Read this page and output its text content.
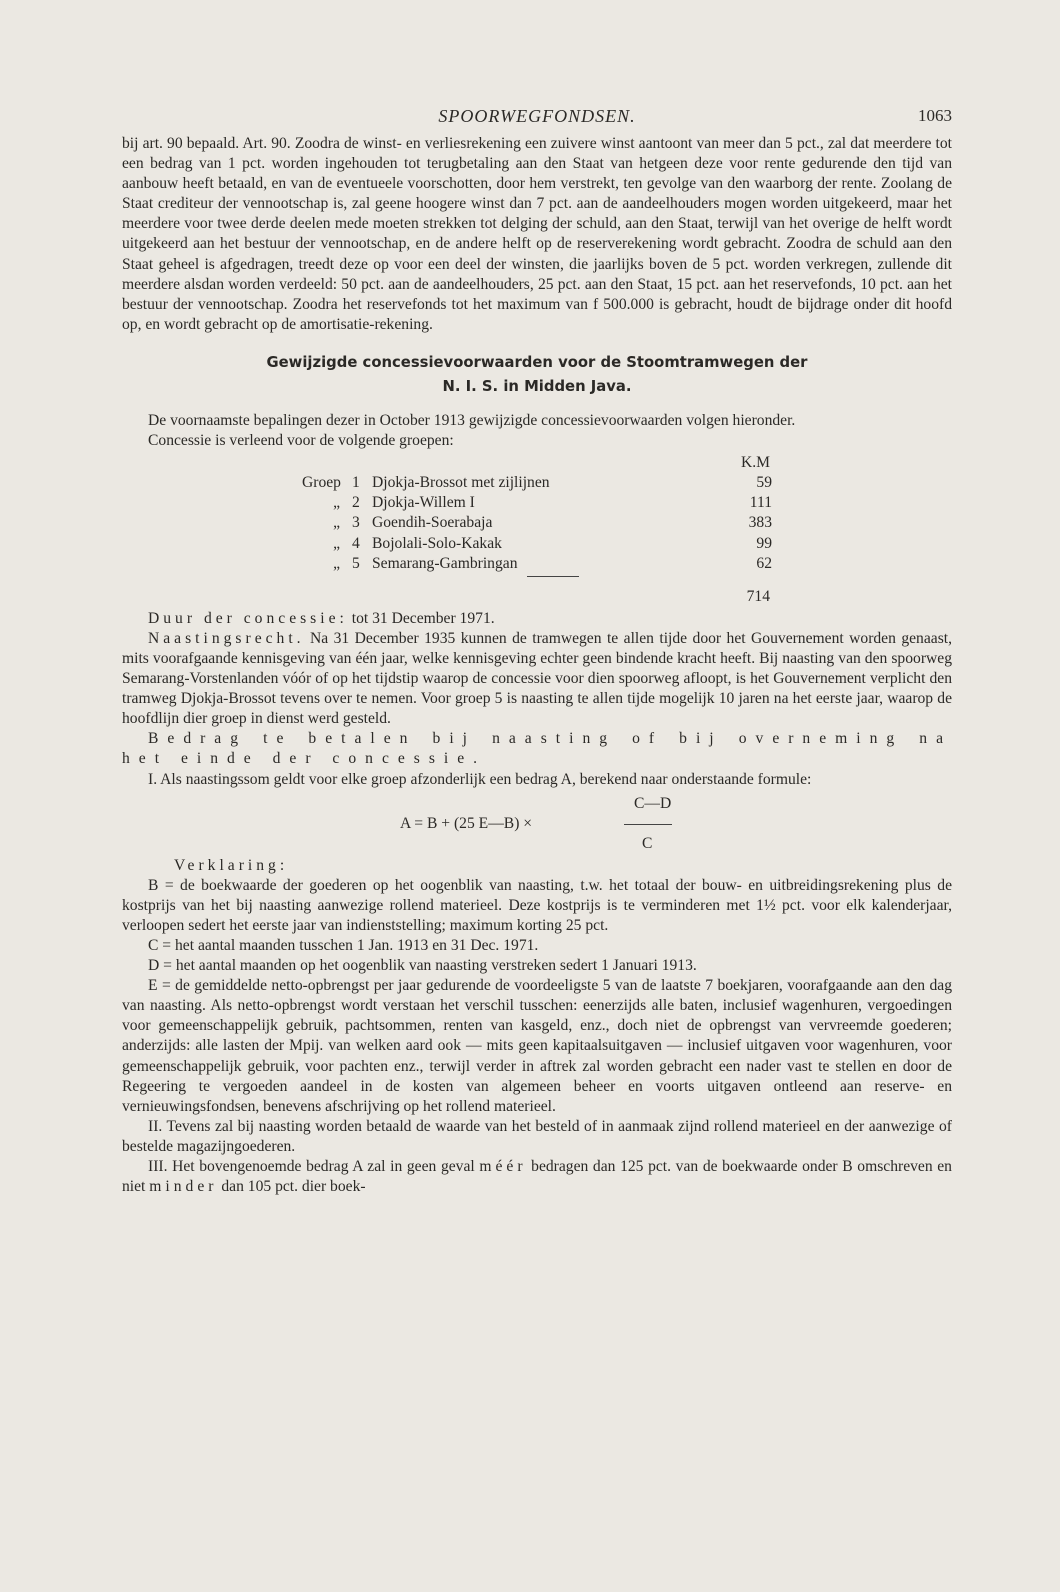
SPOORWEGFONDSEN.	1063

bij art. 90 bepaald. Art. 90. Zoodra de winst- en verliesrekening een zuivere winst aantoont van meer dan 5 pct., zal dat meerdere tot een bedrag van 1 pct. worden ingehouden tot terugbetaling aan den Staat van hetgeen deze voor rente gedurende den tijd van aanbouw heeft betaald, en van de eventueele voorschotten, door hem verstrekt, ten gevolge van den waarborg der rente. Zoolang de Staat crediteur der vennootschap is, zal geene hoogere winst dan 7 pct. aan de aandeelhouders mogen worden uitgekeerd, maar het meerdere voor twee derde deelen mede moeten strekken tot delging der schuld, aan den Staat, terwijl van het overige de helft wordt uitgekeerd aan het bestuur der vennootschap, en de andere helft op de reserverekening wordt gebracht. Zoodra de schuld aan den Staat geheel is afgedragen, treedt deze op voor een deel der winsten, die jaarlijks boven de 5 pct. worden verkregen, zullende dit meerdere alsdan worden verdeeld: 50 pct. aan de aandeelhouders, 25 pct. aan den Staat, 15 pct. aan het reservefonds, 10 pct. aan het bestuur der vennootschap. Zoodra het reservefonds tot het maximum van f 500.000 is gebracht, houdt de bijdrage onder dit hoofd op, en wordt gebracht op de amortisatie-rekening.

Gewijzigde concessievoorwaarden voor de Stoomtramwegen der
N. I. S. in Midden Java.

De voornaamste bepalingen dezer in October 1913 gewijzigde concessievoorwaarden volgen hieronder.

Concessie is verleend voor de volgende groepen:

K.M
Groep 1 Djokja-Brossot met zijlijnen	59
„ 2 Djokja-Willem I	111
„ 3 Goendih-Soerabaja	383
„ 4 Bojolali-Solo-Kakak	99
„ 5 Semarang-Gambringan	62
714

Duur der concessie: tot 31 December 1971.

Naastingsrecht. Na 31 December 1935 kunnen de tramwegen te allen tijde door het Gouvernement worden genaast, mits voorafgaande kennisgeving van één jaar, welke kennisgeving echter geen bindende kracht heeft. Bij naasting van den spoorweg Semarang-Vorstenlanden vóór of op het tijdstip waarop de concessie voor dien spoorweg afloopt, is het Gouvernement verplicht den tramweg Djokja-Brossot tevens over te nemen. Voor groep 5 is naasting te allen tijde mogelijk 10 jaren na het eerste jaar, waarop de hoofdlijn dier groep in dienst werd gesteld.

Bedrag te betalen bij naasting of bij overneming na het einde der concessie.

I. Als naastingssom geldt voor elke groep afzonderlijk een bedrag A, berekend naar onderstaande formule:

C—D
A = B + (25 E—B) ×
C

Verklaring:

B = de boekwaarde der goederen op het oogenblik van naasting, t.w. het totaal der bouw- en uitbreidingsrekening plus de kostprijs van het bij naasting aanwezige rollend materieel. Deze kostprijs is te verminderen met 1½ pct. voor elk kalenderjaar, verloopen sedert het eerste jaar van indienststelling; maximum korting 25 pct.

C = het aantal maanden tusschen 1 Jan. 1913 en 31 Dec. 1971.

D = het aantal maanden op het oogenblik van naasting verstreken sedert 1 Januari 1913.

E = de gemiddelde netto-opbrengst per jaar gedurende de voordeeligste 5 van de laatste 7 boekjaren, voorafgaande aan den dag van naasting. Als netto-opbrengst wordt verstaan het verschil tusschen: eenerzijds alle baten, inclusief wagenhuren, vergoedingen voor gemeenschappelijk gebruik, pachtsommen, renten van kasgeld, enz., doch niet de opbrengst van vervreemde goederen; anderzijds: alle lasten der Mpij. van welken aard ook — mits geen kapitaalsuitgaven — inclusief uitgaven voor wagenhuren, voor gemeenschappelijk gebruik, voor pachten enz., terwijl verder in aftrek zal worden gebracht een nader vast te stellen en door de Regeering te vergoeden aandeel in de kosten van algemeen beheer en voorts uitgaven ontleend aan reserve- en vernieuwingsfondsen, benevens afschrijving op het rollend materieel.

II. Tevens zal bij naasting worden betaald de waarde van het besteld of in aanmaak zijnd rollend materieel en der aanwezige of bestelde magazijngoederen.

III. Het bovengenoemde bedrag A zal in geen geval méér bedragen dan 125 pct. van de boekwaarde onder B omschreven en niet minder dan 105 pct. dier boek-
